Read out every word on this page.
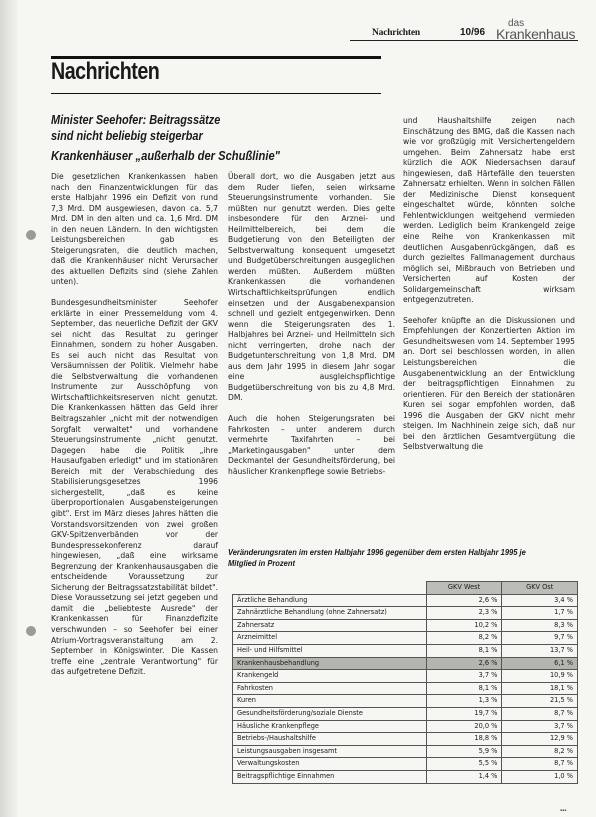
Nachrichten	10/96
das
Krankenhaus
Nachrichten
Minister Seehofer: Beitragssätze sind nicht beliebig steigerbar
Krankenhäuser „außerhalb der Schußlinie"

Die gesetzlichen Krankenkassen haben nach den Finanzentwicklungen für das erste Halbjahr 1996 ein Defizit von rund 7,3 Mrd. DM ausgewiesen, davon ca. 5,7 Mrd. DM in den alten und ca. 1,6 Mrd. DM in den neuen Ländern. In den wichtigsten Leistungsbereichen gab es Steigerungsraten, die deutlich machen, daß die Krankenhäuser nicht Verursacher des aktuellen Defizits sind (siehe Zahlen unten).

Bundesgesundheitsminister Seehofer erklärte in einer Pressemeldung vom 4. September, das neuerliche Defizit der GKV sei nicht das Resultat zu geringer Einnahmen, sondern zu hoher Ausgaben. Es sei auch nicht das Resultat von Versäumnissen der Politik. Vielmehr habe die Selbstverwaltung die vorhandenen Instrumente zur Ausschöpfung von Wirtschaftlichkeitsreserven nicht genutzt. Die Krankenkassen hätten das Geld ihrer Beitragszahler „nicht mit der notwendigen Sorgfalt verwaltet" und vorhandene Steuerungsinstrumente „nicht genutzt. Dagegen habe die Politik „ihre Hausaufgaben erledigt" und im stationären Bereich mit der Verabschiedung des Stabilisierungsgesetzes 1996 sichergestellt, „daß es keine überproportionalen Ausgabensteigerungen gibt". Erst im März dieses Jahres hätten die Vorstandsvorsitzenden von zwei großen GKV-Spitzenverbänden vor der Bundespressekonferenz darauf hingewiesen, „daß eine wirksame Begrenzung der Krankenhausausgaben die entscheidende Voraussetzung zur Sicherung der Beitragssatzstabilität bildet". Diese Voraussetzung sei jetzt gegeben und damit die „beliebteste Ausrede" der Krankenkassen für Finanzdefizite verschwunden – so Seehofer bei einer Atrium-Vortragsveranstaltung am 2. September in Königswinter. Die Kassen treffe eine „zentrale Verantwortung" für das aufgetretene Defizit.

Überall dort, wo die Ausgaben jetzt aus dem Ruder liefen, seien wirksame Steuerungsinstrumente vorhanden. Sie müßten nur genutzt werden. Dies gelte insbesondere für den Arznei- und Heilmittelbereich, bei dem die Budgetierung von den Beteiligten der Selbstverwaltung konsequent umgesetzt und Budgetüberschreitungen ausgeglichen werden müßten. Außerdem müßten Krankenkassen die vorhandenen Wirtschaftlichkeitsprüfungen endlich einsetzen und der Ausgabenexpansion schnell und gezielt entgegenwirken. Denn wenn die Steigerungsraten des 1. Halbjahres bei Arznei- und Heilmitteln sich nicht verringerten, drohe nach der Budgetunterschreitung von 1,8 Mrd. DM aus dem Jahr 1995 in diesem Jahr sogar eine ausgleichspflichtige Budgetüberschreitung von bis zu 4,8 Mrd. DM.

Auch die hohen Steigerungsraten bei Fahrkosten – unter anderem durch vermehrte Taxifahrten – bei „Marketingausgaben" unter dem Deckmantel der Gesundheitsförderung, bei häuslicher Krankenpflege sowie Betriebs-

und Haushaltshilfe zeigen nach Einschätzung des BMG, daß die Kassen nach wie vor großzügig mit Versichertengeldern umgehen. Beim Zahnersatz habe erst kürzlich die AOK Niedersachsen darauf hingewiesen, daß Härtefälle den teuersten Zahnersatz erhielten. Wenn in solchen Fällen der Medizinische Dienst konsequent eingeschaltet würde, könnten solche Fehlentwicklungen weitgehend vermieden werden. Lediglich beim Krankengeld zeige eine Reihe von Krankenkassen mit deutlichen Ausgabenrückgängen, daß es durch gezieltes Fallmanagement durchaus möglich sei, Mißbrauch von Betrieben und Versicherten auf Kosten der Solidargemeinschaft wirksam entgegenzutreten.

Seehofer knüpfte an die Diskussionen und Empfehlungen der Konzertierten Aktion im Gesundheitswesen vom 14. September 1995 an. Dort sei beschlossen worden, in allen Leistungsbereichen die Ausgabenentwicklung an der Entwicklung der beitragspflichtigen Einnahmen zu orientieren. Für den Bereich der stationären Kuren sei sogar empfohlen worden, daß 1996 die Ausgaben der GKV nicht mehr steigen. Im Nachhinein zeige sich, daß nur bei den ärztlichen Gesamtvergütung die Selbstverwaltung die

Veränderungsraten im ersten Halbjahr 1996 gegenüber dem ersten Halbjahr 1995 je Mitglied in Prozent
	GKV West	GKV Ost
Ärztliche Behandlung	2,6 %	3,4 %
Zahnärztliche Behandlung (ohne Zahnersatz)	2,3 %	1,7 %
Zahnersatz	10,2 %	8,3 %
Arzneimittel	8,2 %	9,7 %
Heil- und Hilfsmittel	8,1 %	13,7 %
Krankenhausbehandlung	2,6 %	6,1 %
Krankengeld	3,7 %	10,9 %
Fahrkosten	8,1 %	18,1 %
Kuren	1,3 %	21,5 %
Gesundheitsförderung/soziale Dienste	19,7 %	8,7 %
Häusliche Krankenpflege	20,0 %	3,7 %
Betriebs-/Haushaltshilfe	18,8 %	12,9 %
Leistungsausgaben insgesamt	5,9 %	8,2 %
Verwaltungskosten	5,5 %	8,7 %
Beitragspflichtige Einnahmen	1,4 %	1,0 %
▪▪▪
